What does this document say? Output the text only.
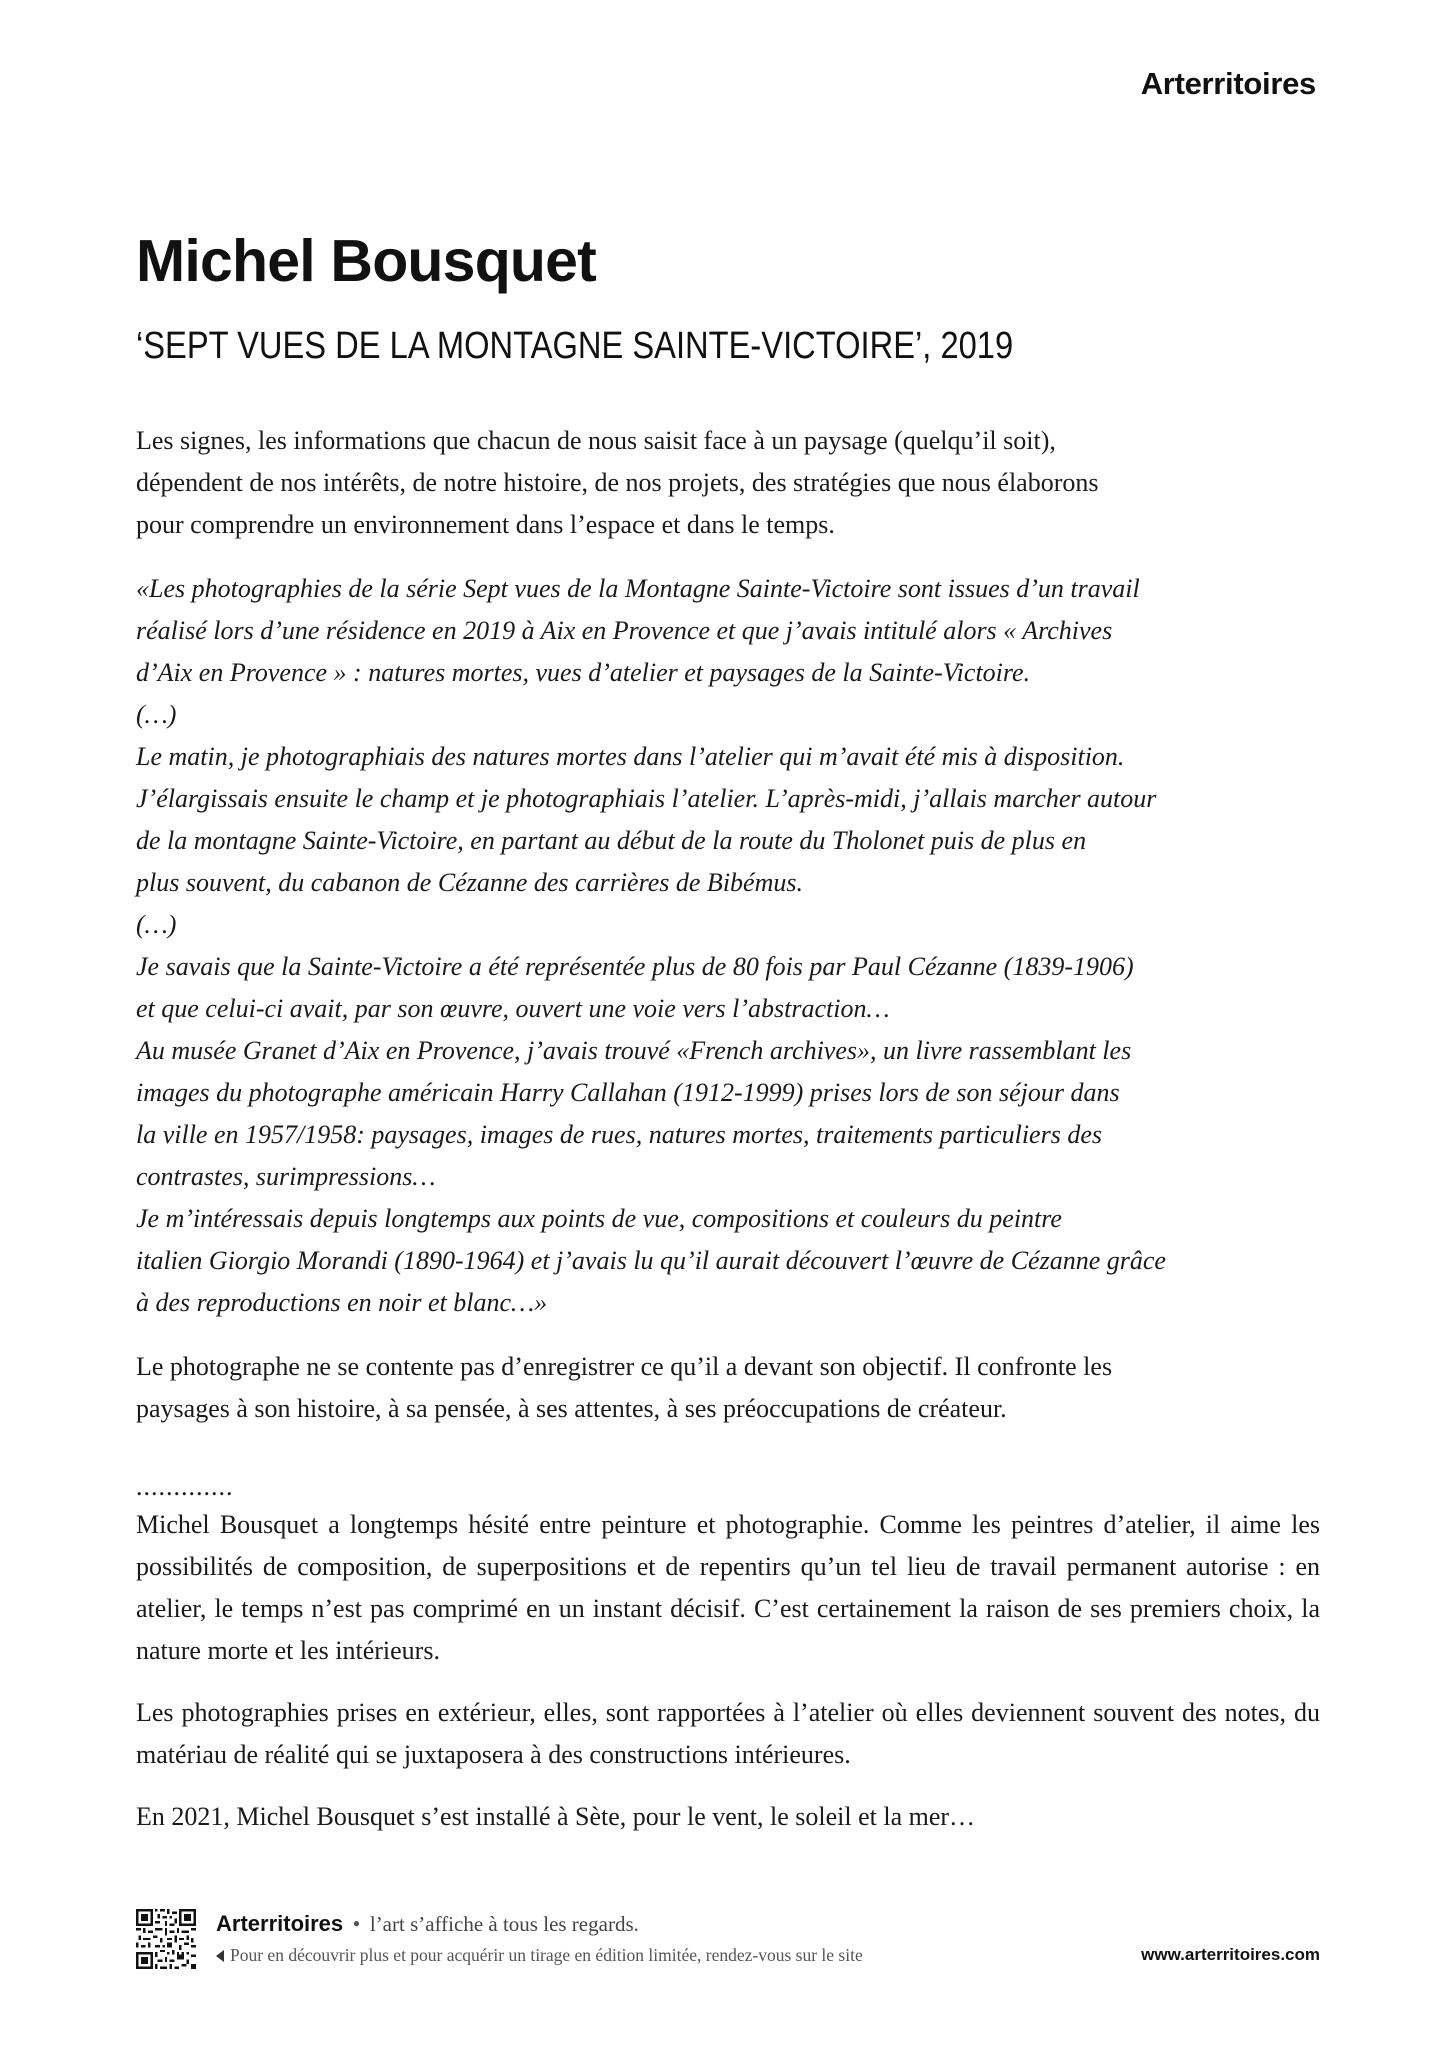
Arterritoires
Michel Bousquet
‘SEPT VUES DE LA MONTAGNE SAINTE-VICTOIRE’, 2019

Les signes, les informations que chacun de nous saisit face à un paysage (quelqu’il soit),
dépendent de nos intérêts, de notre histoire, de nos projets, des stratégies que nous élaborons
pour comprendre un environnement dans l’espace et dans le temps.

«Les photographies de la série Sept vues de la Montagne Sainte-Victoire sont issues d’un travail

réalisé lors d’une résidence en 2019 à Aix en Provence et que j’avais intitulé alors « Archives

d’Aix en Provence » : natures mortes, vues d’atelier et paysages de la Sainte-Victoire.

(…)

Le matin, je photographiais des natures mortes dans l’atelier qui m’avait été mis à disposition.

J’élargissais ensuite le champ et je photographiais l’atelier. L’après-midi, j’allais marcher autour

de la montagne Sainte-Victoire, en partant au début de la route du Tholonet puis de plus en

plus souvent, du cabanon de Cézanne des carrières de Bibémus.

(…)

Je savais que la Sainte-Victoire a été représentée plus de 80 fois par Paul Cézanne (1839-1906)

et que celui-ci avait, par son œuvre, ouvert une voie vers l’abstraction…

Au musée Granet d’Aix en Provence, j’avais trouvé «French archives», un livre rassemblant les

images du photographe américain Harry Callahan (1912-1999) prises lors de son séjour dans

la ville en 1957/1958: paysages, images de rues, natures mortes, traitements particuliers des

contrastes, surimpressions…

Je m’intéressais depuis longtemps aux points de vue, compositions et couleurs du peintre

italien Giorgio Morandi (1890-1964) et j’avais lu qu’il aurait découvert l’œuvre de Cézanne grâce

à des reproductions en noir et blanc…»

Le photographe ne se contente pas d’enregistrer ce qu’il a devant son objectif. Il confronte les
paysages à son histoire, à sa pensée, à ses attentes, à ses préoccupations de créateur.

.............

Michel Bousquet a longtemps hésité entre peinture et photographie. Comme les peintres d’atelier, il aime les possibilités de composition, de superpositions et de repentirs qu’un tel lieu de travail permanent autorise : en atelier, le temps n’est pas comprimé en un instant décisif. C’est certainement la raison de ses premiers choix, la nature morte et les intérieurs.

Les photographies prises en extérieur, elles, sont rapportées à l’atelier où elles deviennent souvent des notes, du matériau de réalité qui se juxtaposera à des constructions intérieures.

En 2021, Michel Bousquet s’est installé à Sète, pour le vent, le soleil et la mer…

Arterritoires • l’art s’affiche à tous les regards.
Pour en découvrir plus et pour acquérir un tirage en édition limitée, rendez-vous sur le site	www.arterritoires.com
